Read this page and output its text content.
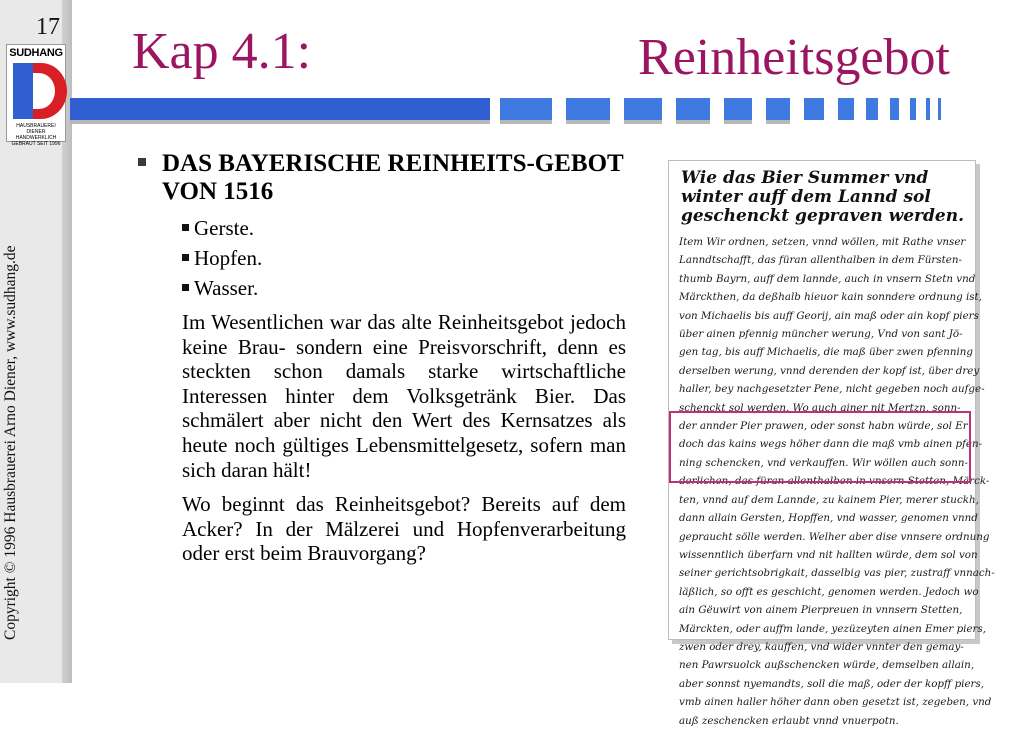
17
SUDHANG
HAUSBRAUEREI DIENER
HANDWERKLICH GEBRAUT SEIT 1996
Copyright © 1996 Hausbrauerei Arno Diener, www.sudhang.de
Kap 4.1:	Reinheitsgebot
DAS BAYERISCHE REINHEITS-GEBOT VON 1516
Gerste.
Hopfen.
Wasser.
Im Wesentlichen war das alte Reinheitsgebot jedoch keine Brau- sondern eine Preisvorschrift, denn es steckten schon damals starke wirtschaftliche Interessen hinter dem Volksgetränk Bier. Das schmälert aber nicht den Wert des Kernsatzes als heute noch gültiges Lebensmittelgesetz, sofern man sich daran hält!
Wo beginnt das Reinheitsgebot? Bereits auf dem Acker? In der Mälzerei und Hopfenverarbeitung oder erst beim Brauvorgang?
Wie das Bier Summer vnd winter auff dem Lannd sol geschenckt gepraven werden.
Item Wir ordnen, setzen, vnnd wöllen, mit Rathe vnser
Lanndtschafft, das füran allenthalben in dem Fürsten-
thumb Bayrn, auff dem lannde, auch in vnsern Stetn vnd
Märckthen, da deßhalb hieuor kain sonndere ordnung ist,
von Michaelis bis auff Georij, ain maß oder ain kopf piers
über ainen pfennig müncher werung, Vnd von sant Jö-
gen tag, bis auff Michaelis, die maß über zwen pfenning
derselben werung, vnnd derenden der kopf ist, über drey
haller, bey nachgesetzter Pene, nicht gegeben noch aufge-
schenckt sol werden. Wo auch ainer nit Mertzn, sonn-
der annder Pier prawen, oder sonst habn würde, sol Er
doch das kains wegs höher dann die maß vmb ainen pfen-
ning schencken, vnd verkauffen. Wir wöllen auch sonn-
derlichen, das füran allenthalben in vnsern Stetten, Märck-
ten, vnnd auf dem Lannde, zu kainem Pier, merer stuckh,
dann allain Gersten, Hopffen, vnd wasser, genomen vnnd
gepraucht sölle werden. Welher aber dise vnnsere ordnung
wissenntlich überfarn vnd nit hallten würde, dem sol von
seiner gerichtsobrigkait, dasselbig vas pier, zustraff vnnach-
läßlich, so offt es geschicht, genomen werden. Jedoch wo
ain Gëuwirt von ainem Pierpreuen in vnnsern Stetten,
Märckten, oder auffm lande, yezüzeyten ainen Emer piers,
zwen oder drey, kauffen, vnd wider vnnter den gemay-
nen Pawrsuolck außschencken würde, demselben allain,
aber sonnst nyemandts, soll die maß, oder der kopff piers,
vmb ainen haller höher dann oben gesetzt ist, zegeben, vnd
auß zeschencken erlaubt vnnd vnuerpotn.
